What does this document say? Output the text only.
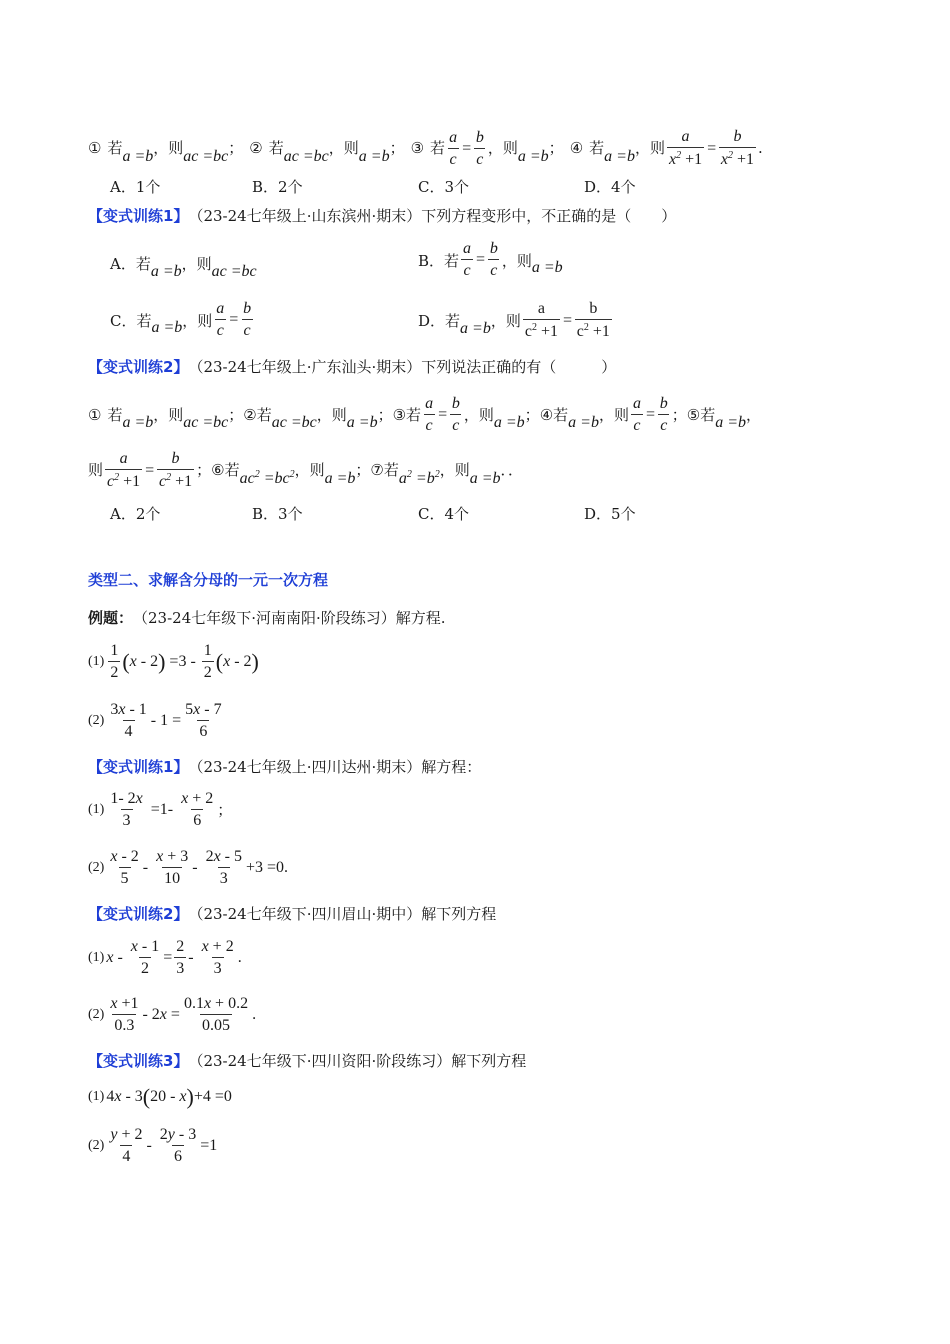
① 若 a =b ，则 ac =bc ； ② 若 ac =bc ，则 a =b ； ③ 若 $\frac{a}{c} = \frac{b}{c}$ ，则 a =b ； ④ 若 a =b ，则 $\frac{a}{x^2 +1} = \frac{b}{x^2 +1}$ .
A．1个	B．2个	C．3个	D．4个
【变式训练1】 （23-24七年级上·山东滨州·期末）下列方程变形中，不正确的是（　　）
A．若 a =b ，则 ac =bc
B．若 $\frac{a}{c} = \frac{b}{c}$ ，则 a =b
C．若 a =b ，则 $\frac{a}{c} = \frac{b}{c}$	D．若 a =b ，则 $\frac{a}{c^2 +1} = \frac{b}{c^2 +1}$
【变式训练2】 （23-24七年级上·广东汕头·期末）下列说法正确的有（　　　）
① 若 a =b ，则 ac =bc ； ② 若 ac =bc ，则 a =b ； ③ 若 $\frac{a}{c} = \frac{b}{c}$ ，则 a =b ； ④ 若 a =b ，则 $\frac{a}{c} = \frac{b}{c}$ ； ⑤ 若 a =b ，
则 $\frac{a}{c^2 +1} = \frac{b}{c^2 +1}$ ； ⑥ 若 $ac^2 =bc^2$ ，则 a =b ； ⑦ 若 $a^2 =b^2$ ，则 a =b ．．
A．2个	B．3个	C．4个	D．5个
类型二、求解含分母的一元一次方程
例题： （23-24七年级下·河南南阳·阶段练习）解方程.
$(1) \frac{1}{2}$ ( x - 2 ) $=3 - \frac{1}{2}$ ( x - 2 )
$(2) \frac{3x - 1}{4} - 1 = \frac{5x - 7}{6}$
【变式训练1】 （23-24七年级上·四川达州·期末）解方程：
$(1) \frac{1- 2x}{3} =1- \frac{x + 2}{6}$ ；
$(2) \frac{x - 2}{5} - \frac{x + 3}{10} - \frac{2x - 5}{3} +3 =0$.
【变式训练2】 （23-24七年级下·四川眉山·期中）解下列方程
(1) $x - \frac{x - 1}{2} = \frac{2}{3} - \frac{x + 2}{3}$ .
$(2) \frac{x +1}{0.3} - 2x = \frac{0.1x + 0.2}{0.05}$ .
【变式训练3】 （23-24七年级下·四川资阳·阶段练习）解下列方程
(1) 4x - 3 ( 20 - x ) +4 =0
$(2) \frac{y + 2}{4} - \frac{2y - 3}{6} =1$
